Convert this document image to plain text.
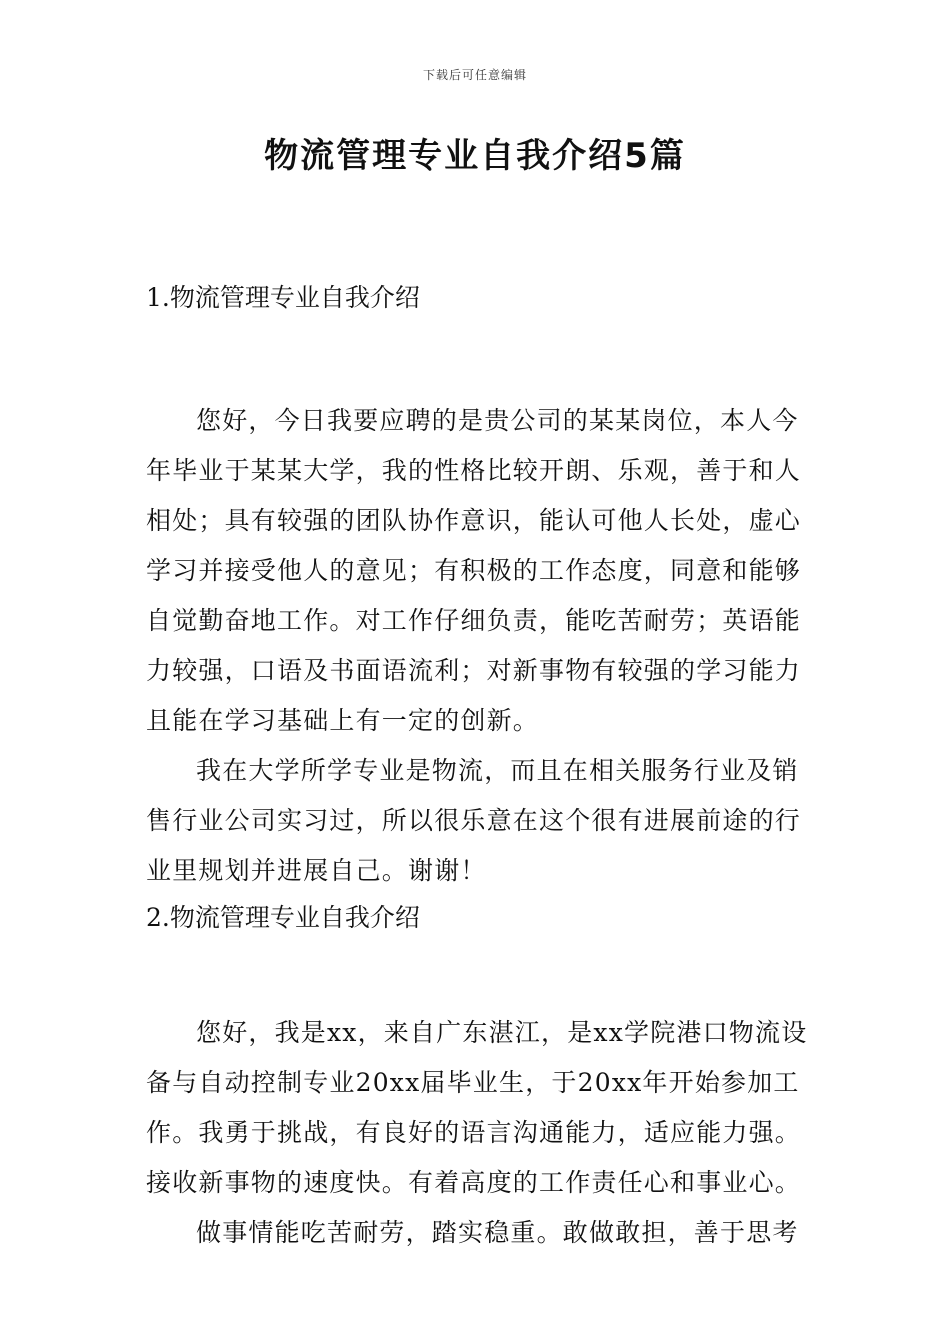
下载后可任意编辑
物流管理专业自我介绍5篇

1.物流管理专业自我介绍

您好，今日我要应聘的是贵公司的某某岗位，本人今年毕业于某某大学，我的性格比较开朗、乐观，善于和人相处；具有较强的团队协作意识，能认可他人长处，虚心学习并接受他人的意见；有积极的工作态度，同意和能够自觉勤奋地工作。对工作仔细负责，能吃苦耐劳；英语能力较强，口语及书面语流利；对新事物有较强的学习能力且能在学习基础上有一定的创新。

我在大学所学专业是物流，而且在相关服务行业及销售行业公司实习过，所以很乐意在这个很有进展前途的行业里规划并进展自己。谢谢！

2.物流管理专业自我介绍

您好，我是xx，来自广东湛江，是xx学院港口物流设备与自动控制专业20xx届毕业生，于20xx年开始参加工作。我勇于挑战，有良好的语言沟通能力，适应能力强。接收新事物的速度快。有着高度的工作责任心和事业心。

做事情能吃苦耐劳，踏实稳重。敢做敢担，善于思考
